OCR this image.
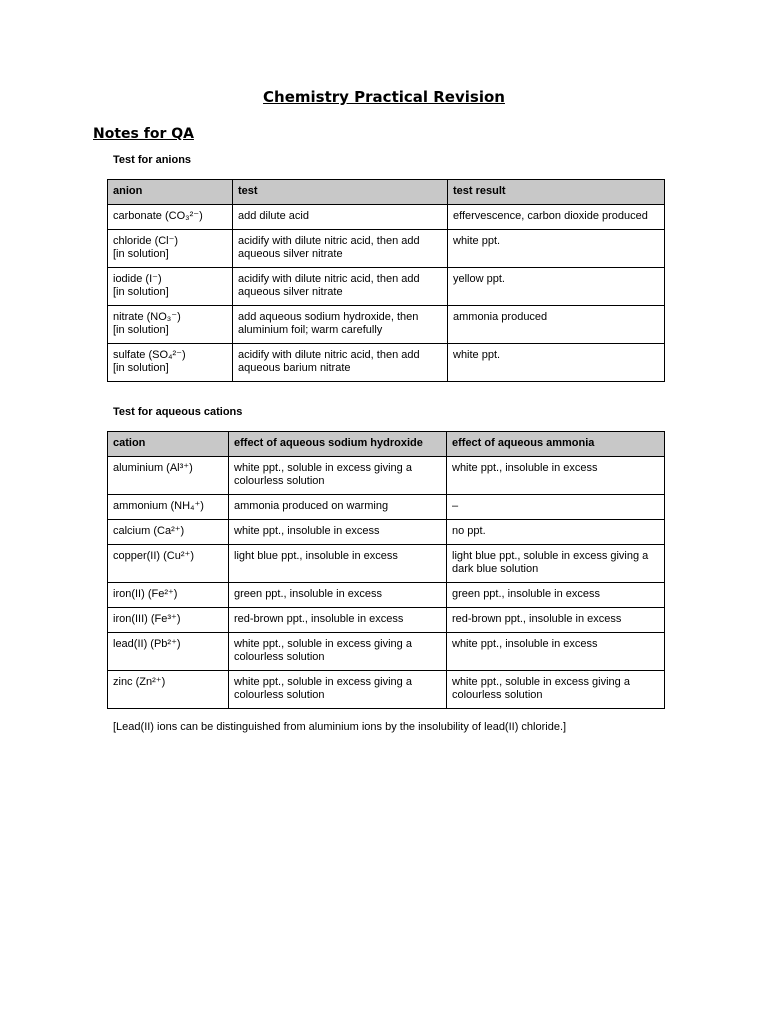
Chemistry Practical Revision
Notes for QA
Test for anions
anion	test	test result
carbonate (CO₃²⁻)	add dilute acid	effervescence, carbon dioxide produced
chloride (Cl⁻)
[in solution]	acidify with dilute nitric acid, then add aqueous silver nitrate	white ppt.
iodide (I⁻)
[in solution]	acidify with dilute nitric acid, then add aqueous silver nitrate	yellow ppt.
nitrate (NO₃⁻)
[in solution]	add aqueous sodium hydroxide, then aluminium foil; warm carefully	ammonia produced
sulfate (SO₄²⁻)
[in solution]	acidify with dilute nitric acid, then add aqueous barium nitrate	white ppt.
Test for aqueous cations
cation	effect of aqueous sodium hydroxide	effect of aqueous ammonia
aluminium (Al³⁺)	white ppt., soluble in excess giving a colourless solution	white ppt., insoluble in excess
ammonium (NH₄⁺)	ammonia produced on warming	–
calcium (Ca²⁺)	white ppt., insoluble in excess	no ppt.
copper(II) (Cu²⁺)	light blue ppt., insoluble in excess	light blue ppt., soluble in excess giving a dark blue solution
iron(II) (Fe²⁺)	green ppt., insoluble in excess	green ppt., insoluble in excess
iron(III) (Fe³⁺)	red-brown ppt., insoluble in excess	red-brown ppt., insoluble in excess
lead(II) (Pb²⁺)	white ppt., soluble in excess giving a colourless solution	white ppt., insoluble in excess
zinc (Zn²⁺)	white ppt., soluble in excess giving a colourless solution	white ppt., soluble in excess giving a colourless solution
[Lead(II) ions can be distinguished from aluminium ions by the insolubility of lead(II) chloride.]
